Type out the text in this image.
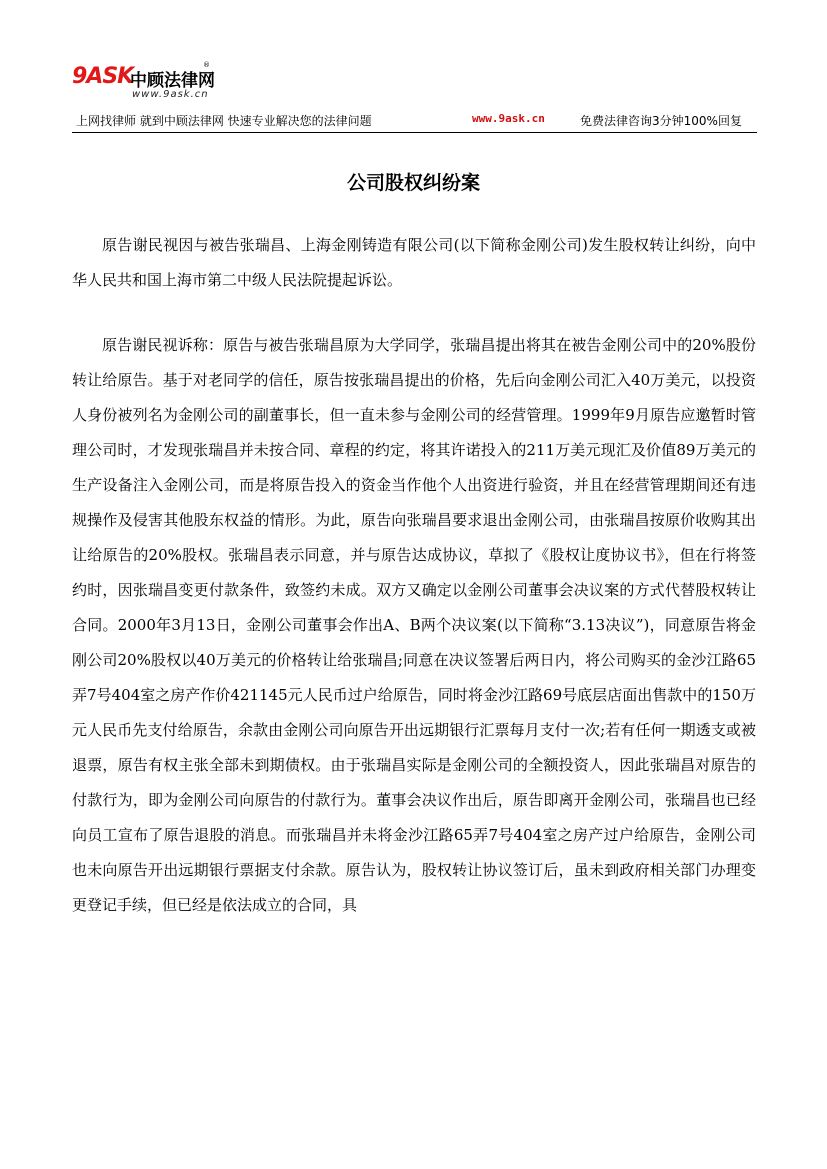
9ASK
中顾法律网
®
www.9ask.cn
上网找律师 就到中顾法律网 快速专业解决您的法律问题	www.9ask.cn	免费法律咨询3分钟100%回复
公司股权纠纷案

原告谢民视因与被告张瑞昌、上海金刚铸造有限公司(以下简称金刚公司)发生股权转让纠纷，向中华人民共和国上海市第二中级人民法院提起诉讼。

原告谢民视诉称：原告与被告张瑞昌原为大学同学，张瑞昌提出将其在被告金刚公司中的20%股份转让给原告。基于对老同学的信任，原告按张瑞昌提出的价格，先后向金刚公司汇入40万美元，以投资人身份被列名为金刚公司的副董事长，但一直未参与金刚公司的经营管理。1999年9月原告应邀暂时管理公司时，才发现张瑞昌并未按合同、章程的约定，将其许诺投入的211万美元现汇及价值89万美元的生产设备注入金刚公司，而是将原告投入的资金当作他个人出资进行验资，并且在经营管理期间还有违规操作及侵害其他股东权益的情形。为此，原告向张瑞昌要求退出金刚公司，由张瑞昌按原价收购其出让给原告的20%股权。张瑞昌表示同意，并与原告达成协议，草拟了《股权让度协议书》，但在行将签约时，因张瑞昌变更付款条件，致签约未成。双方又确定以金刚公司董事会决议案的方式代替股权转让合同。2000年3月13日，金刚公司董事会作出A、B两个决议案(以下简称“3.13决议”)，同意原告将金刚公司20%股权以40万美元的价格转让给张瑞昌;同意在决议签署后两日内，将公司购买的金沙江路65弄7号404室之房产作价421145元人民币过户给原告，同时将金沙江路69号底层店面出售款中的150万元人民币先支付给原告，余款由金刚公司向原告开出远期银行汇票每月支付一次;若有任何一期透支或被退票，原告有权主张全部未到期债权。由于张瑞昌实际是金刚公司的全额投资人，因此张瑞昌对原告的付款行为，即为金刚公司向原告的付款行为。董事会决议作出后，原告即离开金刚公司，张瑞昌也已经向员工宣布了原告退股的消息。而张瑞昌并未将金沙江路65弄7号404室之房产过户给原告，金刚公司也未向原告开出远期银行票据支付余款。原告认为，股权转让协议签订后，虽未到政府相关部门办理变更登记手续，但已经是依法成立的合同，具
